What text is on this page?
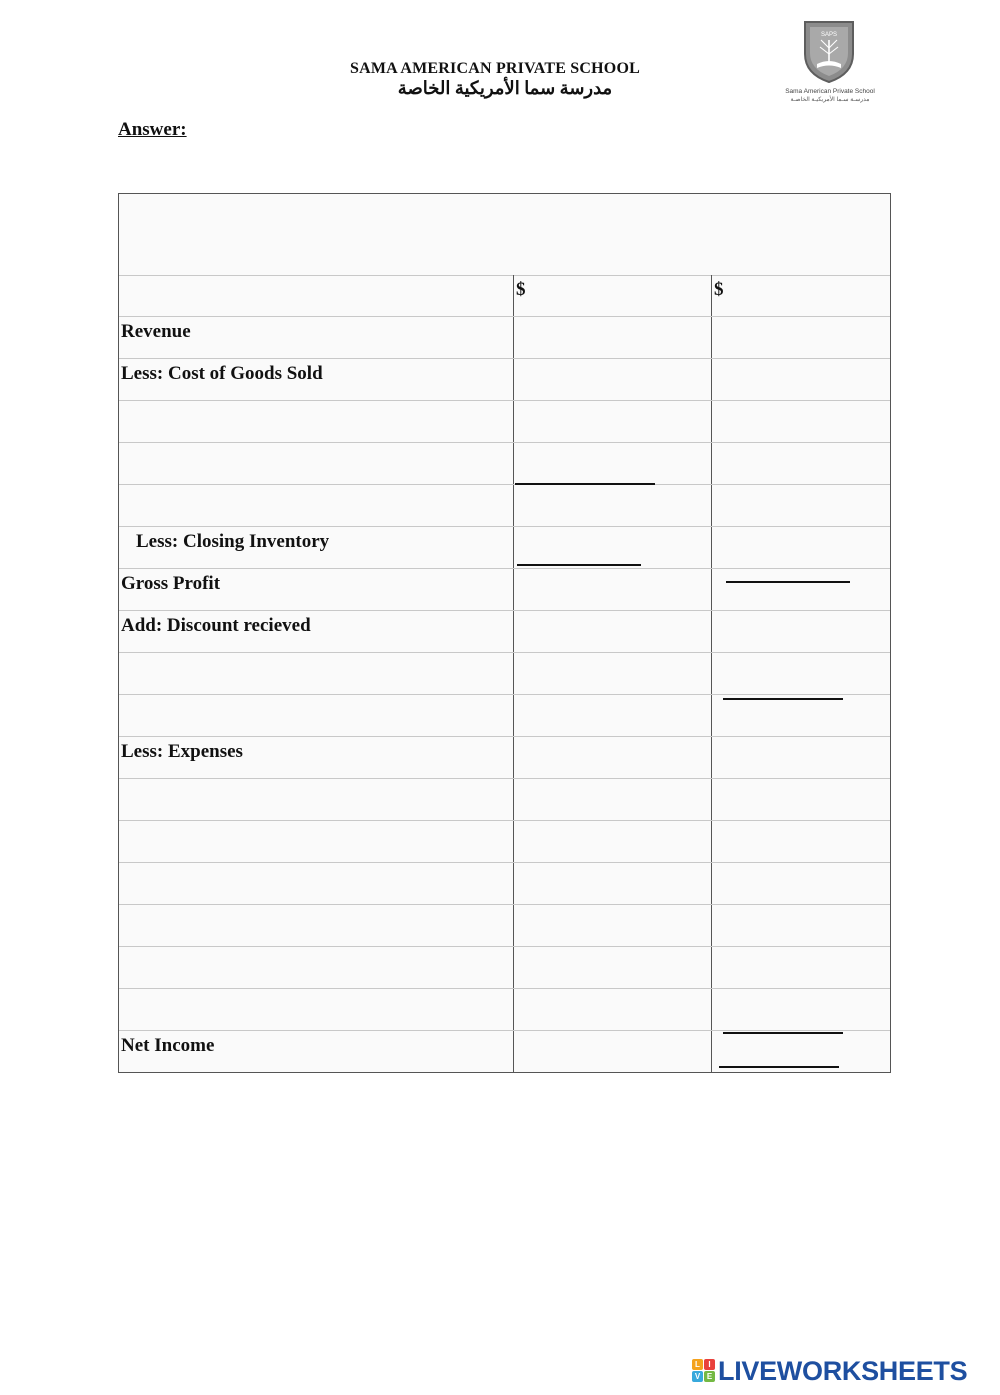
SAMA AMERICAN PRIVATE SCHOOL
مدرسة سما الأمريكية الخاصة
SAPS
Sama American Private School
مدرسـة سـما الأمريكيـة الخاصـة
Answer:
$	$
Revenue
Less: Cost of Goods Sold
Less: Closing Inventory
Gross Profit
Add: Discount recieved
Less: Expenses
Net Income
L	I
V E LIVEWORKSHEETS
